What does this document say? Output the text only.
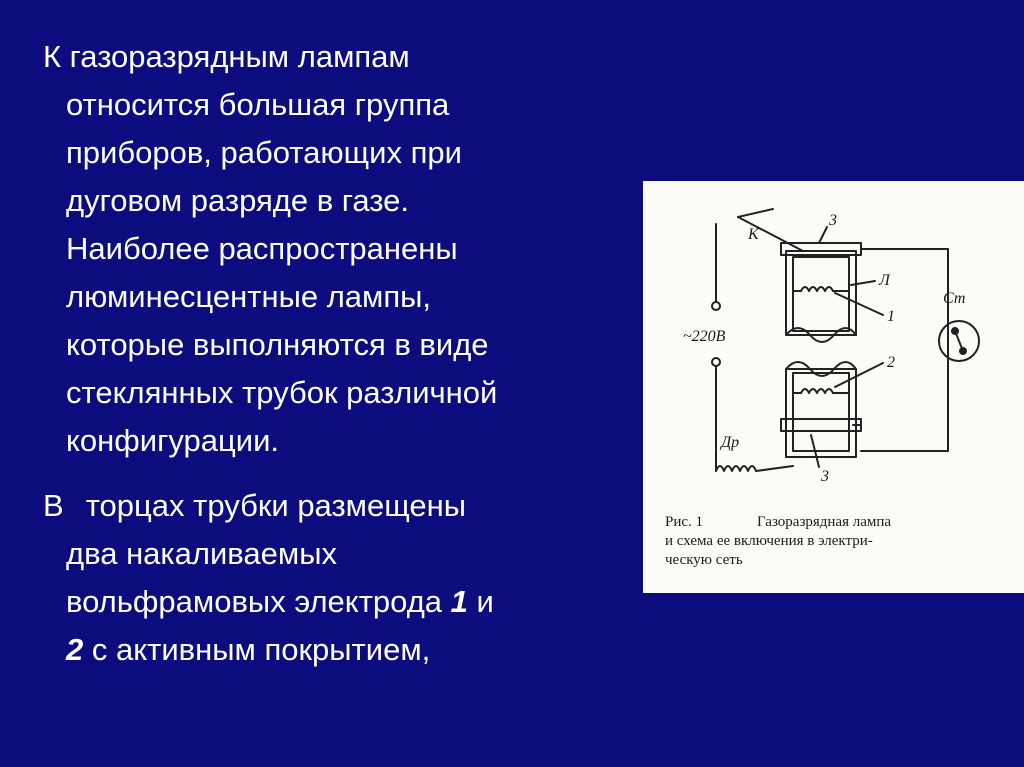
К газоразрядным лампам
относится большая группа
приборов, работающих при
дуговом разряде в газе.
Наиболее распространены
люминесцентные лампы,
которые выполняются в виде
стеклянных трубок различной
конфигурации.

В торцах трубки размещены
два накаливаемых
вольфрамовых электрода 1 и
2 с активным покрытием,

К
~220В
Др
Ст
Л
1
2
3
3
Рис. 1	Газоразрядная лампа
и схема ее включения в электри-
ческую сеть
